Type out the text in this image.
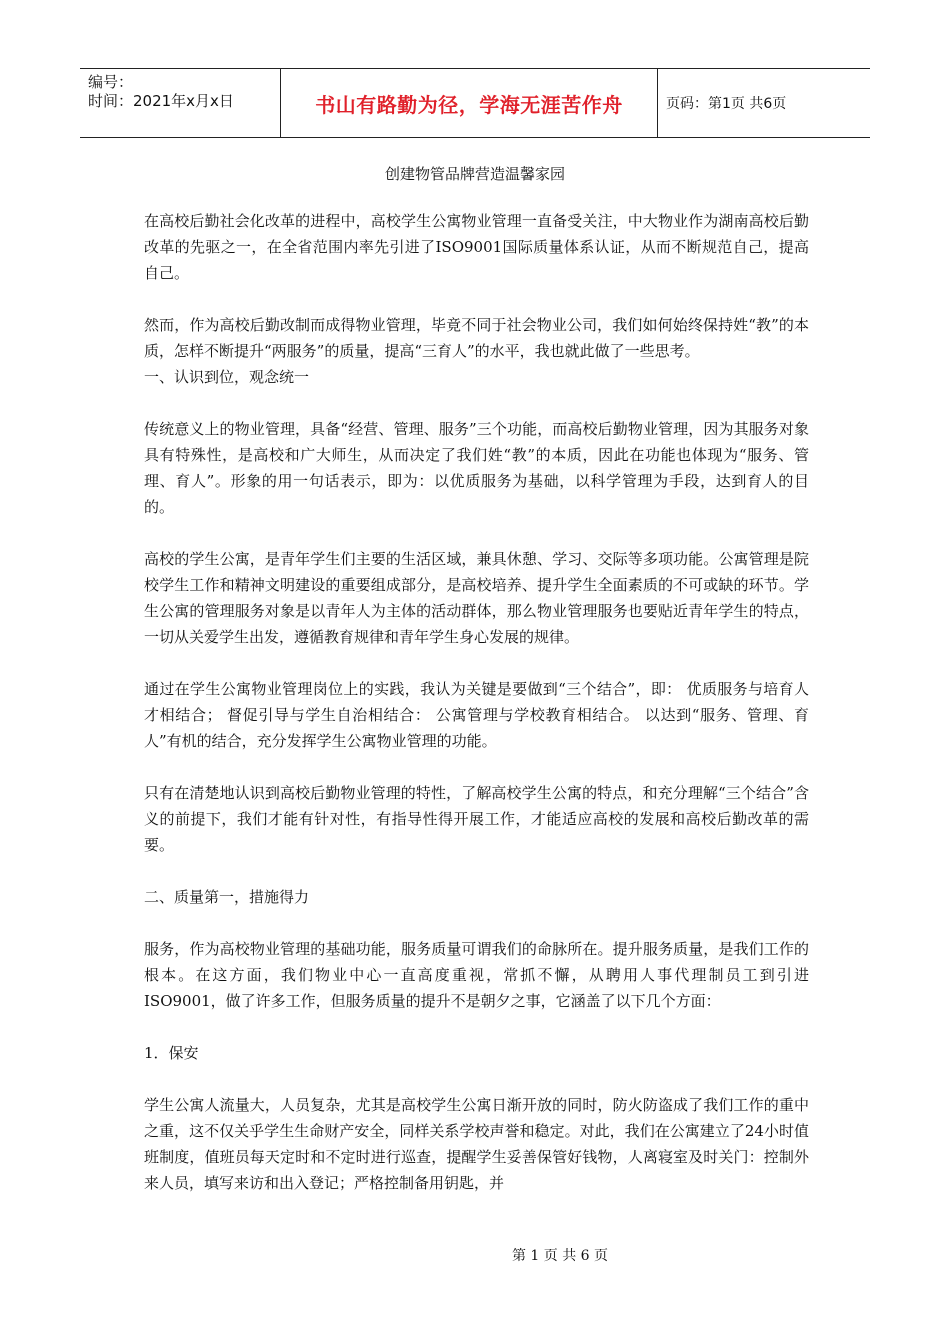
编号：
时间：2021年x月x日	书山有路勤为径，学海无涯苦作舟	页码：第1页 共6页
创建物管品牌营造温馨家园

在高校后勤社会化改革的进程中，高校学生公寓物业管理一直备受关注，中大物业作为湖南高校后勤改革的先驱之一，在全省范围内率先引进了ISO9001国际质量体系认证，从而不断规范自己，提高自己。

然而，作为高校后勤改制而成得物业管理，毕竟不同于社会物业公司，我们如何始终保持姓“教”的本质，怎样不断提升“两服务”的质量，提高“三育人”的水平，我也就此做了一些思考。

一、认识到位，观念统一

传统意义上的物业管理，具备“经营、管理、服务”三个功能，而高校后勤物业管理，因为其服务对象具有特殊性，是高校和广大师生，从而决定了我们姓“教”的本质，因此在功能也体现为“服务、管理、育人”。形象的用一句话表示，即为：以优质服务为基础，以科学管理为手段，达到育人的目的。

高校的学生公寓，是青年学生们主要的生活区域，兼具休憩、学习、交际等多项功能。公寓管理是院校学生工作和精神文明建设的重要组成部分，是高校培养、提升学生全面素质的不可或缺的环节。学生公寓的管理服务对象是以青年人为主体的活动群体，那么物业管理服务也要贴近青年学生的特点，一切从关爱学生出发，遵循教育规律和青年学生身心发展的规律。

通过在学生公寓物业管理岗位上的实践，我认为关键是要做到“三个结合”，即： 优质服务与培育人才相结合； 督促引导与学生自治相结合： 公寓管理与学校教育相结合。 以达到“服务、管理、育人”有机的结合，充分发挥学生公寓物业管理的功能。

只有在清楚地认识到高校后勤物业管理的特性，了解高校学生公寓的特点，和充分理解“三个结合”含义的前提下，我们才能有针对性，有指导性得开展工作，才能适应高校的发展和高校后勤改革的需要。

二、质量第一，措施得力

服务，作为高校物业管理的基础功能，服务质量可谓我们的命脉所在。提升服务质量，是我们工作的根本。在这方面，我们物业中心一直高度重视，常抓不懈，从聘用人事代理制员工到引进ISO9001，做了许多工作，但服务质量的提升不是朝夕之事，它涵盖了以下几个方面：

1．保安

学生公寓人流量大，人员复杂，尤其是高校学生公寓日渐开放的同时，防火防盗成了我们工作的重中之重，这不仅关乎学生生命财产安全，同样关系学校声誉和稳定。对此，我们在公寓建立了24小时值班制度，值班员每天定时和不定时进行巡查，提醒学生妥善保管好钱物，人离寝室及时关门：控制外来人员，填写来访和出入登记；严格控制备用钥匙，并

第 1 页 共 6 页
